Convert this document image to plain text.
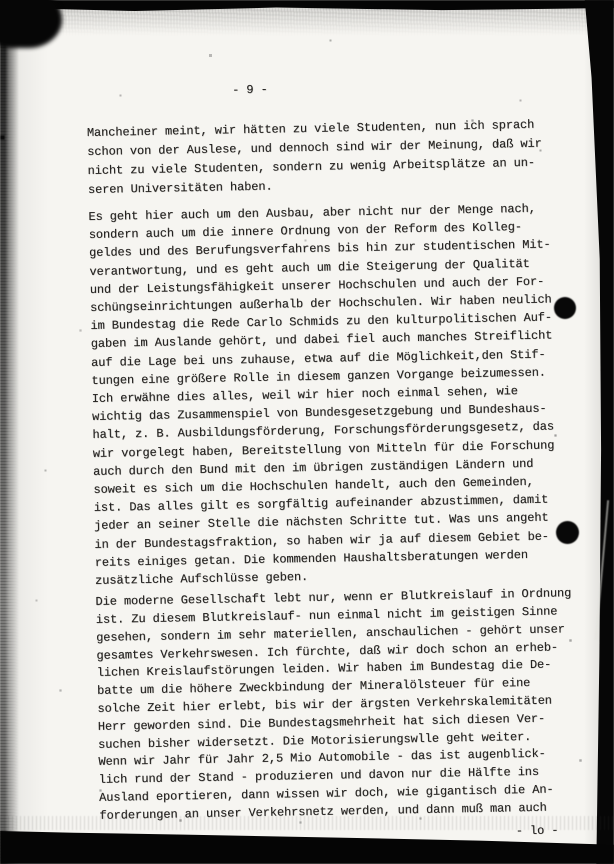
- 9 -
Mancheiner meint, wir hätten zu viele Studenten, nun ich sprach
schon von der Auslese, und dennoch sind wir der Meinung, daß wir
nicht zu viele Studenten, sondern zu wenig Arbeitsplätze an un-
seren Universitäten haben.
Es geht hier auch um den Ausbau, aber nicht nur der Menge nach,
sondern auch um die innere Ordnung von der Reform des Kolleg-
geldes und des Berufungsverfahrens bis hin zur studentischen Mit-
verantwortung, und es geht auch um die Steigerung der Qualität
und der Leistungsfähigkeit unserer Hochschulen und auch der For-
schüngseinrichtungen außerhalb der Hochschulen. Wir haben neulich
im Bundestag die Rede Carlo Schmids zu den kulturpolitischen Auf-
gaben im Auslande gehört, und dabei fiel auch manches Streiflicht
auf die Lage bei uns zuhause, etwa auf die Möglichkeit,den Stif-
tungen eine größere Rolle in diesem ganzen Vorgange beizumessen.
Ich erwähne dies alles, weil wir hier noch einmal sehen, wie
wichtig das Zusammenspiel von Bundesgesetzgebung und Bundeshaus-
halt, z. B. Ausbildungsförderung, Forschungsförderungsgesetz, das
wir vorgelegt haben, Bereitstellung von Mitteln für die Forschung
auch durch den Bund mit den im übrigen zuständigen Ländern und
soweit es sich um die Hochschulen handelt, auch den Gemeinden,
ist. Das alles gilt es sorgfältig aufeinander abzustimmen, damit
jeder an seiner Stelle die nächsten Schritte tut. Was uns angeht
in der Bundestagsfraktion, so haben wir ja auf diesem Gebiet be-
reits einiges getan. Die kommenden Haushaltsberatungen werden
zusätzliche Aufschlüsse geben.
Die moderne Gesellschaft lebt nur, wenn er Blutkreislauf in Ordnung
ist. Zu diesem Blutkreislauf- nun einmal nicht im geistigen Sinne
gesehen, sondern im sehr materiellen, anschaulichen - gehört unser
gesamtes Verkehrswesen. Ich fürchte, daß wir doch schon an erheb-
lichen Kreislaufstörungen leiden. Wir haben im Bundestag die De-
batte um die höhere Zweckbindung der Mineralölsteuer für eine
solche Zeit hier erlebt, bis wir der ärgsten Verkehrskalemitäten
Herr geworden sind. Die Bundestagsmehrheit hat sich diesen Ver-
suchen bisher widersetzt. Die Motorisierungswlle geht weiter.
Wenn wir Jahr für Jahr 2,5 Mio Automobile - das ist augenblick-
lich rund der Stand - produzieren und davon nur die Hälfte ins
Ausland eportieren, dann wissen wir doch, wie gigantisch die An-
forderungen an unser Verkehrsnetz werden, und dann muß man auch
- lo -
